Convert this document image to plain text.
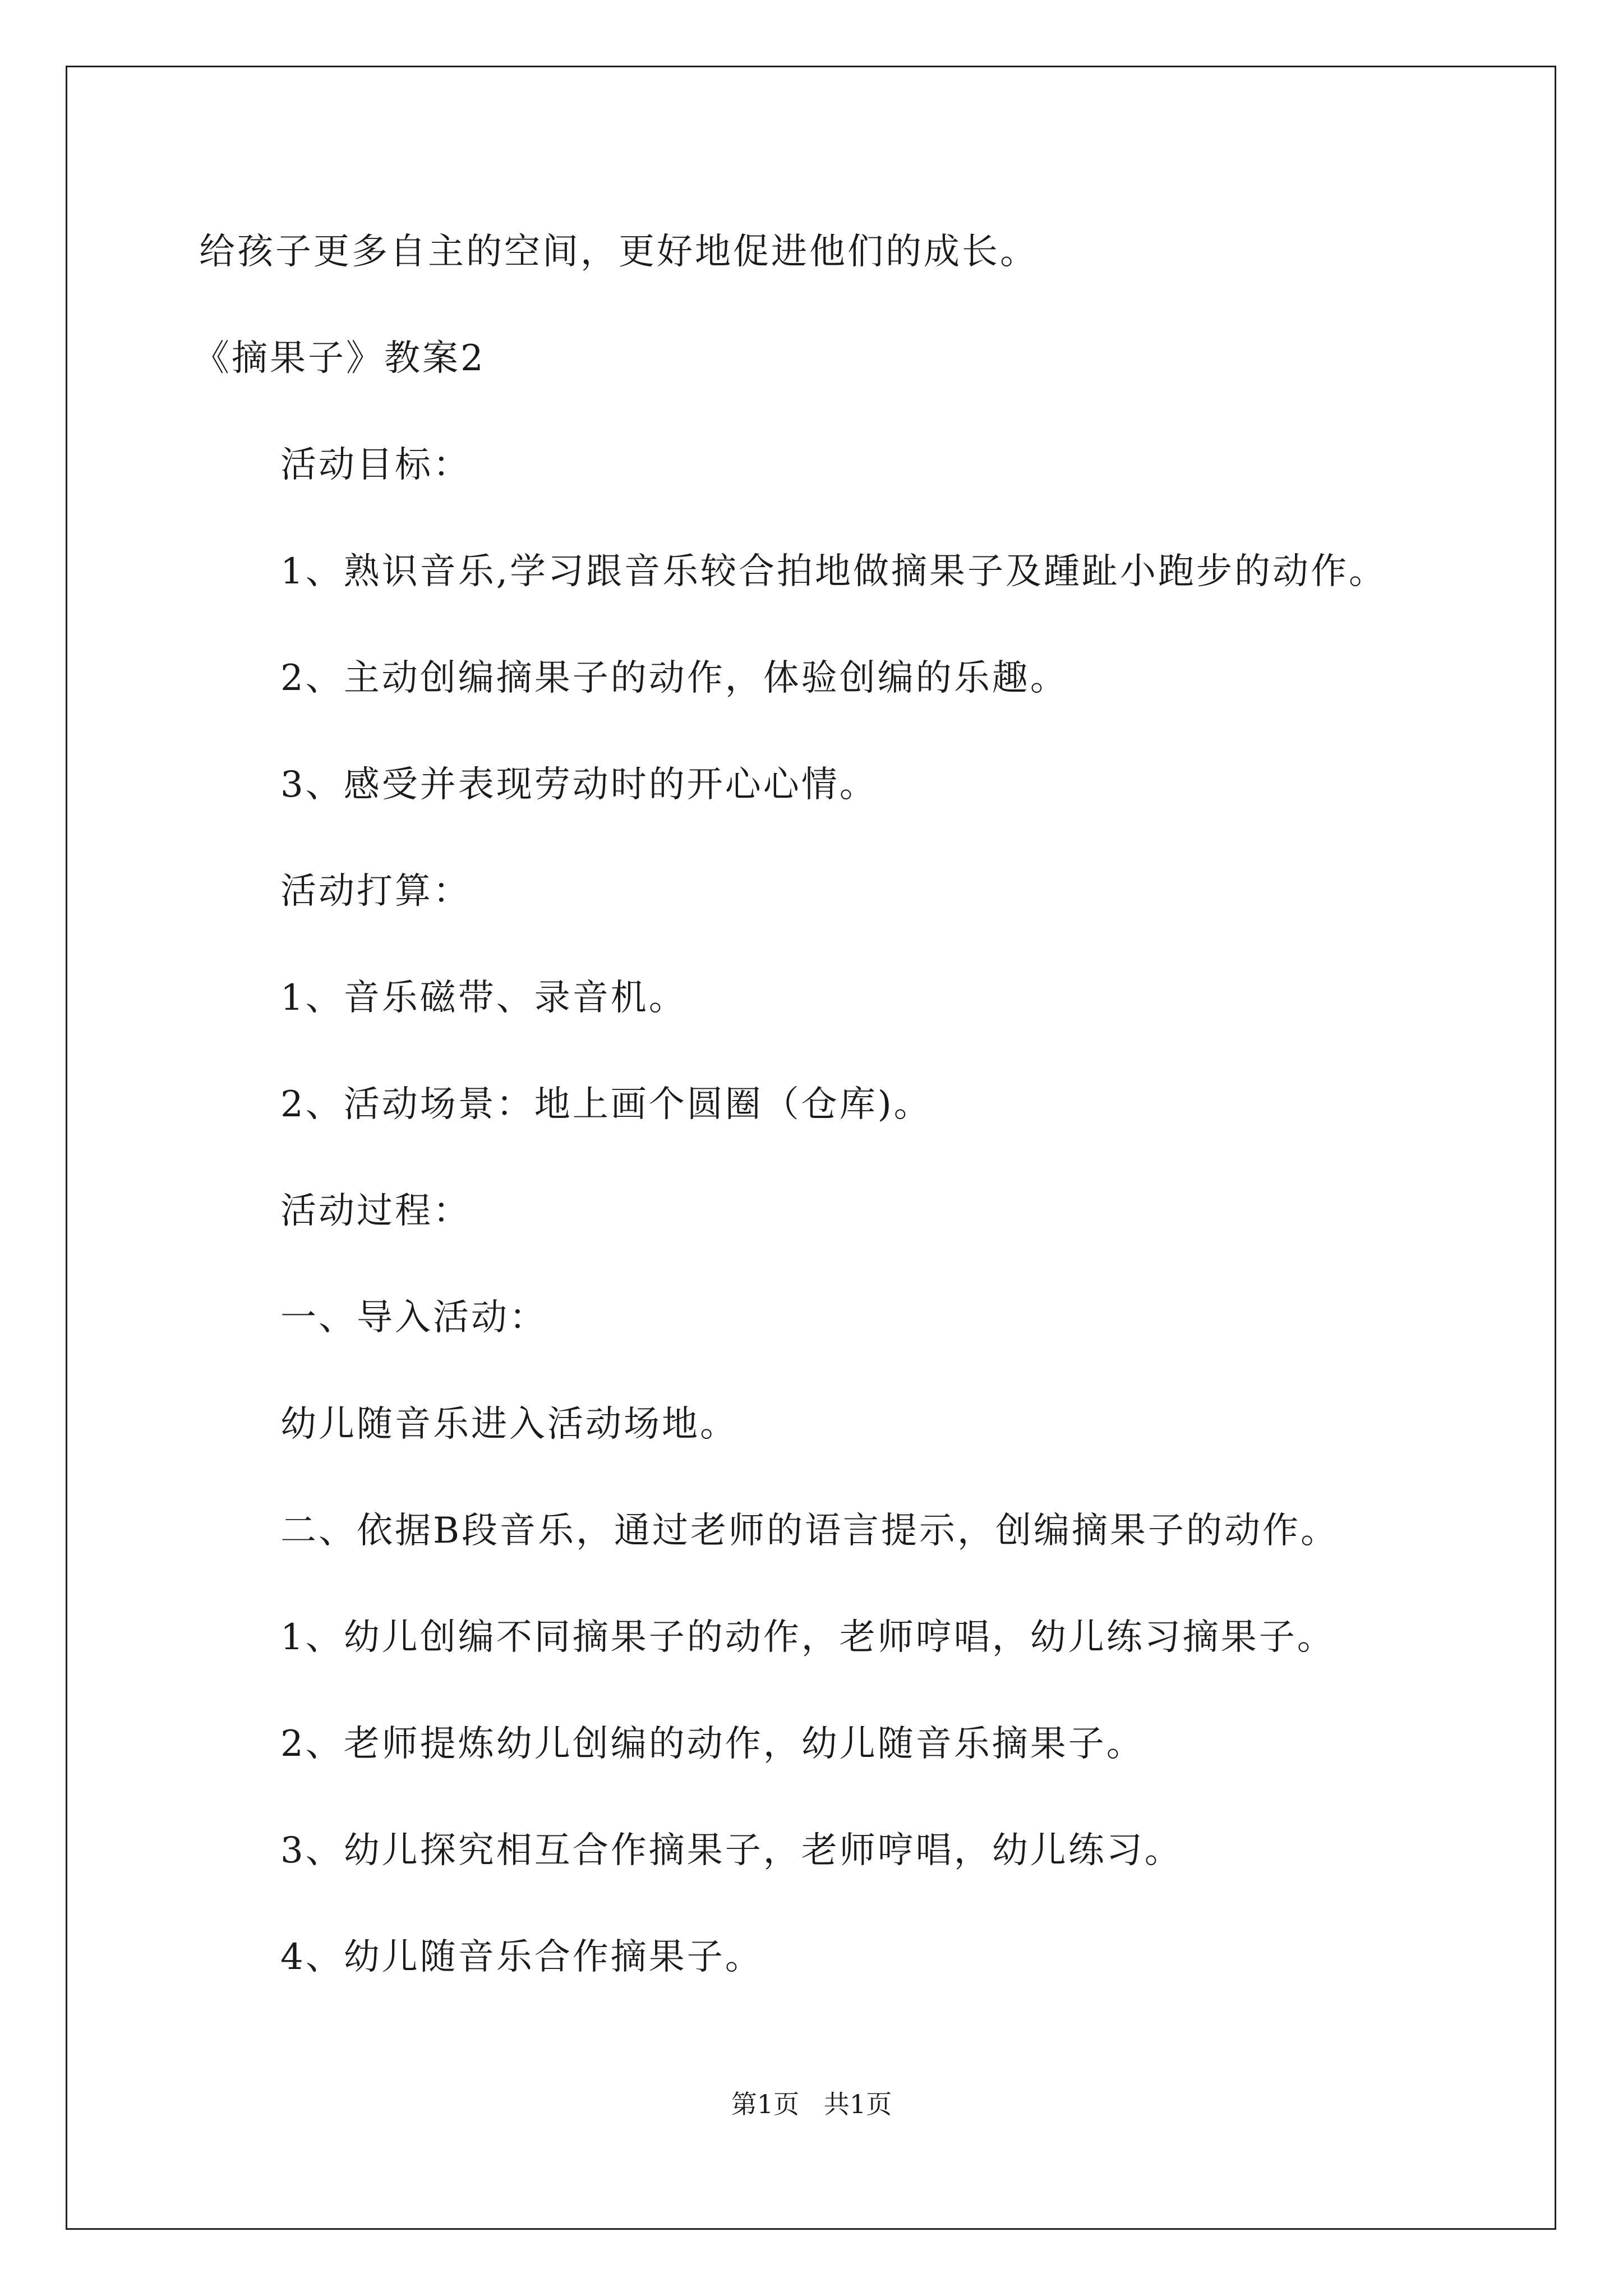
给孩子更多自主的空间，更好地促进他们的成长。
《摘果子》教案2
活动目标：
1、熟识音乐,学习跟音乐较合拍地做摘果子及踵趾小跑步的动作。
2、主动创编摘果子的动作，体验创编的乐趣。
3、感受并表现劳动时的开心心情。
活动打算：
1、音乐磁带、录音机。
2、活动场景：地上画个圆圈（仓库)。
活动过程：
一、导入活动：
幼儿随音乐进入活动场地。
二、依据B段音乐，通过老师的语言提示，创编摘果子的动作。
1、幼儿创编不同摘果子的动作，老师哼唱，幼儿练习摘果子。
2、老师提炼幼儿创编的动作，幼儿随音乐摘果子。
3、幼儿探究相互合作摘果子，老师哼唱，幼儿练习。
4、幼儿随音乐合作摘果子。
第1页   共1页
